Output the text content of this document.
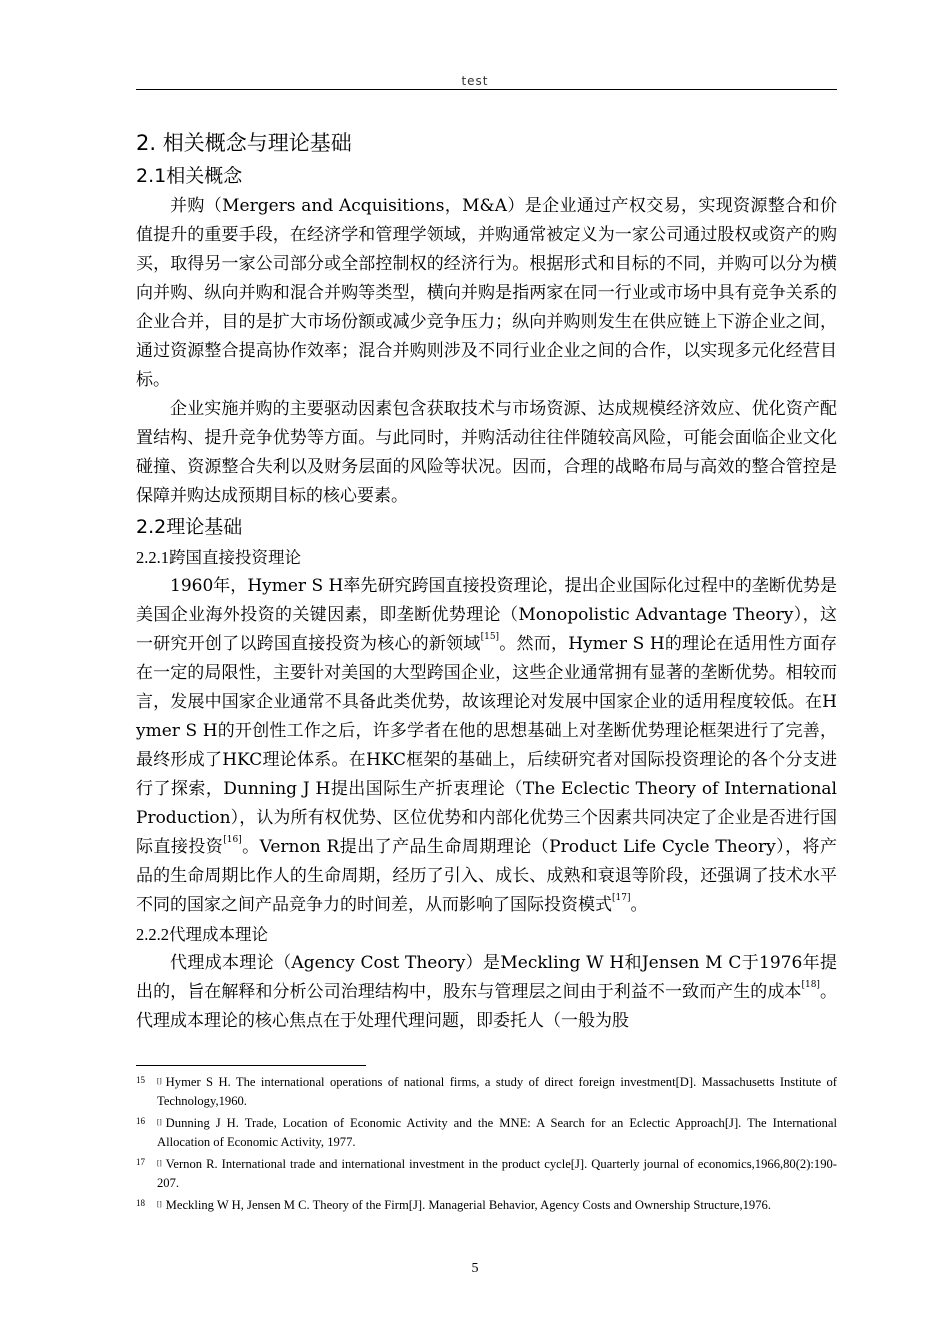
test
2. 相关概念与理论基础
2.1相关概念

并购（Mergers and Acquisitions，M&A）是企业通过产权交易，实现资源整合和价值提升的重要手段，在经济学和管理学领域，并购通常被定义为一家公司通过股权或资产的购买，取得另一家公司部分或全部控制权的经济行为。根据形式和目标的不同，并购可以分为横向并购、纵向并购和混合并购等类型，横向并购是指两家在同一行业或市场中具有竞争关系的企业合并，目的是扩大市场份额或减少竞争压力；纵向并购则发生在供应链上下游企业之间，通过资源整合提高协作效率；混合并购则涉及不同行业企业之间的合作，以实现多元化经营目标。

企业实施并购的主要驱动因素包含获取技术与市场资源、达成规模经济效应、优化资产配置结构、提升竞争优势等方面。与此同时，并购活动往往伴随较高风险，可能会面临企业文化碰撞、资源整合失利以及财务层面的风险等状况。因而，合理的战略布局与高效的整合管控是保障并购达成预期目标的核心要素。

2.2理论基础
2.2.1跨国直接投资理论

1960年，Hymer S H率先研究跨国直接投资理论，提出企业国际化过程中的垄断优势是美国企业海外投资的关键因素，即垄断优势理论（Monopolistic Advantage Theory），这一研究开创了以跨国直接投资为核心的新领域[15]。然而，Hymer S H的理论在适用性方面存在一定的局限性，主要针对美国的大型跨国企业，这些企业通常拥有显著的垄断优势。相较而言，发展中国家企业通常不具备此类优势，故该理论对发展中国家企业的适用程度较低。在Hymer S H的开创性工作之后，许多学者在他的思想基础上对垄断优势理论框架进行了完善，最终形成了HKC理论体系。在HKC框架的基础上，后续研究者对国际投资理论的各个分支进行了探索，Dunning J H提出国际生产折衷理论（The Eclectic Theory of International Production），认为所有权优势、区位优势和内部化优势三个因素共同决定了企业是否进行国际直接投资[16]。Vernon R提出了产品生命周期理论（Product Life Cycle Theory），将产品的生命周期比作人的生命周期，经历了引入、成长、成熟和衰退等阶段，还强调了技术水平不同的国家之间产品竞争力的时间差，从而影响了国际投资模式[17]。

2.2.2代理成本理论

代理成本理论（Agency Cost Theory）是Meckling W H和Jensen M C于1976年提出的，旨在解释和分析公司治理结构中，股东与管理层之间由于利益不一致而产生的成本[18]。代理成本理论的核心焦点在于处理代理问题，即委托人（一般为股

15 [] Hymer S H. The international operations of national firms, a study of direct foreign investment[D]. Massachusetts Institute of Technology,1960.
16 [] Dunning J H. Trade, Location of Economic Activity and the MNE: A Search for an Eclectic Approach[J]. The International Allocation of Economic Activity, 1977.
17 [] Vernon R. International trade and international investment in the product cycle[J]. Quarterly journal of economics,1966,80(2):190-207.
18 [] Meckling W H, Jensen M C. Theory of the Firm[J]. Managerial Behavior, Agency Costs and Ownership Structure,1976.
5
